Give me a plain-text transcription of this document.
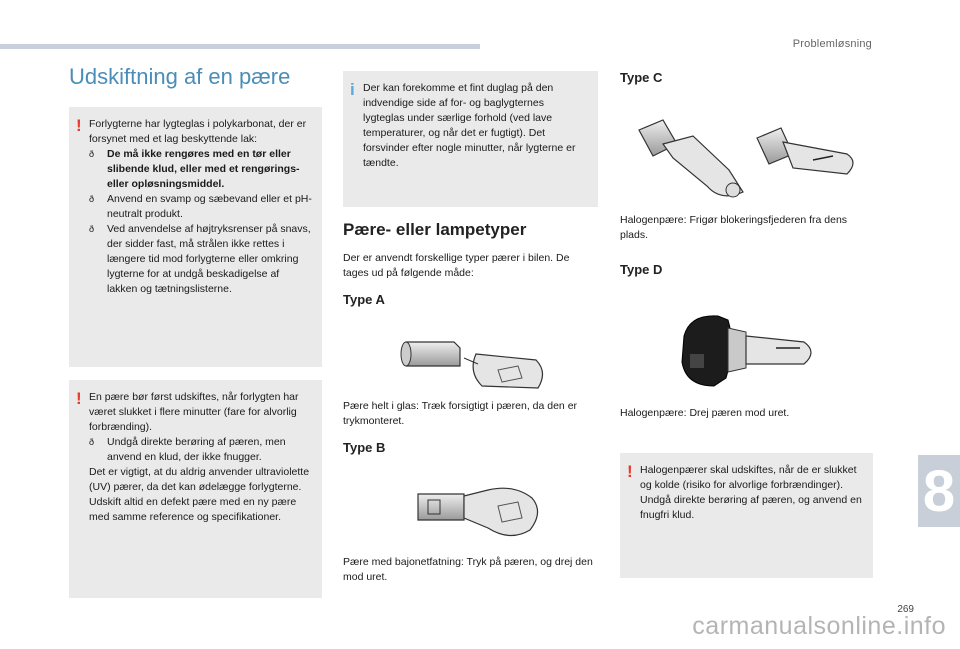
Problemløsning
Udskiftning af en pære
! Forlygterne har lygteglas i polykarbonat, der er forsynet med et lag beskyttende lak:

ð De må ikke rengøres med en tør eller slibende klud, eller med et rengørings- eller opløsningsmiddel.
ð Anvend en svamp og sæbevand eller et pH-neutralt produkt.
ð Ved anvendelse af højtryksrenser på snavs, der sidder fast, må strålen ikke rettes i længere tid mod forlygterne eller omkring lygterne for at undgå beskadigelse af lakken og tætningslisterne.
! En pære bør først udskiftes, når forlygten har været slukket i flere minutter (fare for alvorlig forbrænding).

ð Undgå direkte berøring af pæren, men anvend en klud, der ikke fnugger.

Det er vigtigt, at du aldrig anvender ultraviolette (UV) pærer, da det kan ødelægge forlygterne.

Udskift altid en defekt pære med en ny pære med samme reference og specifikationer.

i Der kan forekomme et fint duglag på den indvendige side af for- og baglygternes lygteglas under særlige forhold (ved lave temperaturer, og når det er fugtigt). Det forsvinder efter nogle minutter, når lygterne er tændte.

Pære- eller lampetyper

Der er anvendt forskellige typer pærer i bilen. De tages ud på følgende måde:

Type A

Pære helt i glas: Træk forsigtigt i pæren, da den er trykmonteret.

Type B

Pære med bajonetfatning: Tryk på pæren, og drej den mod uret.

Type C

Halogenpære: Frigør blokeringsfjederen fra dens plads.

Type D

Halogenpære: Drej pæren mod uret.

! Halogenpærer skal udskiftes, når de er slukket og kolde (risiko for alvorlige forbrændinger). Undgå direkte berøring af pæren, og anvend en fnugfri klud.	8
269
carmanualsonline.info
